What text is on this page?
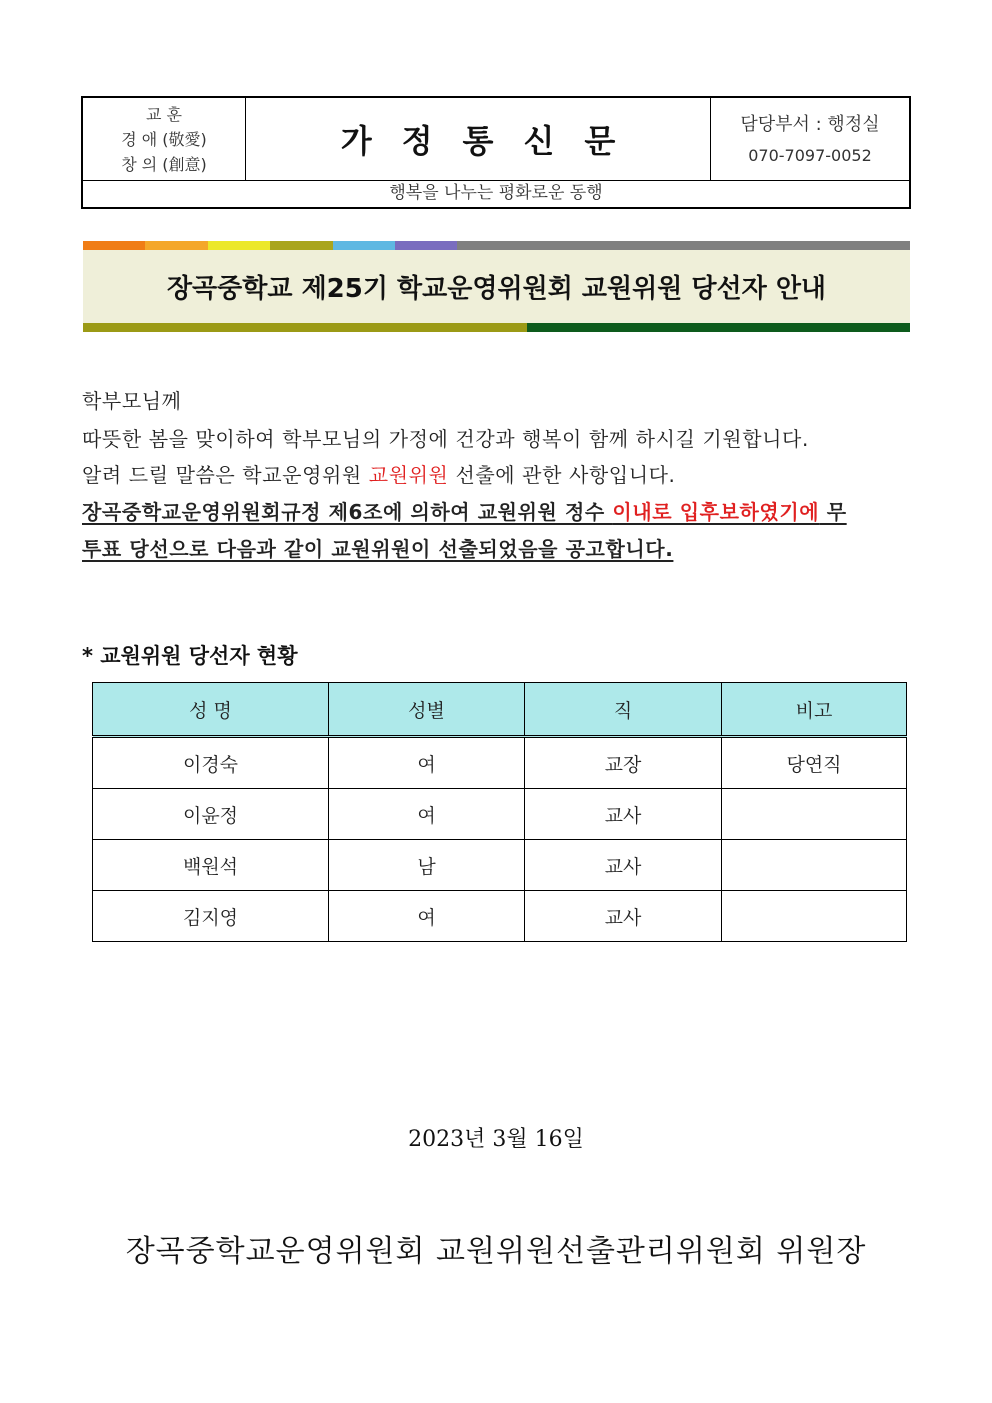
교 훈
경 애 (敬愛)
창 의 (創意)
가정통신문	담당부서 : 행정실
070-7097-0052
행복을 나누는 평화로운 동행
장곡중학교 제25기 학교운영위원회 교원위원 당선자 안내
학부모님께
따뜻한 봄을 맞이하여 학부모님의 가정에 건강과 행복이 함께 하시길 기원합니다.
알려 드릴 말씀은 학교운영위원 교원위원 선출에 관한 사항입니다.
장곡중학교운영위원회규정 제6조에 의하여 교원위원 정수 이내로 입후보하였기에 무
투표 당선으로 다음과 같이 교원위원이 선출되었음을 공고합니다.
* 교원위원 당선자 현황
성 명	성별	직	비고
이경숙	여	교장	당연직
이윤정	여	교사	
백원석	남	교사	
김지영	여	교사	
2023년 3월 16일
장곡중학교운영위원회 교원위원선출관리위원회 위원장
